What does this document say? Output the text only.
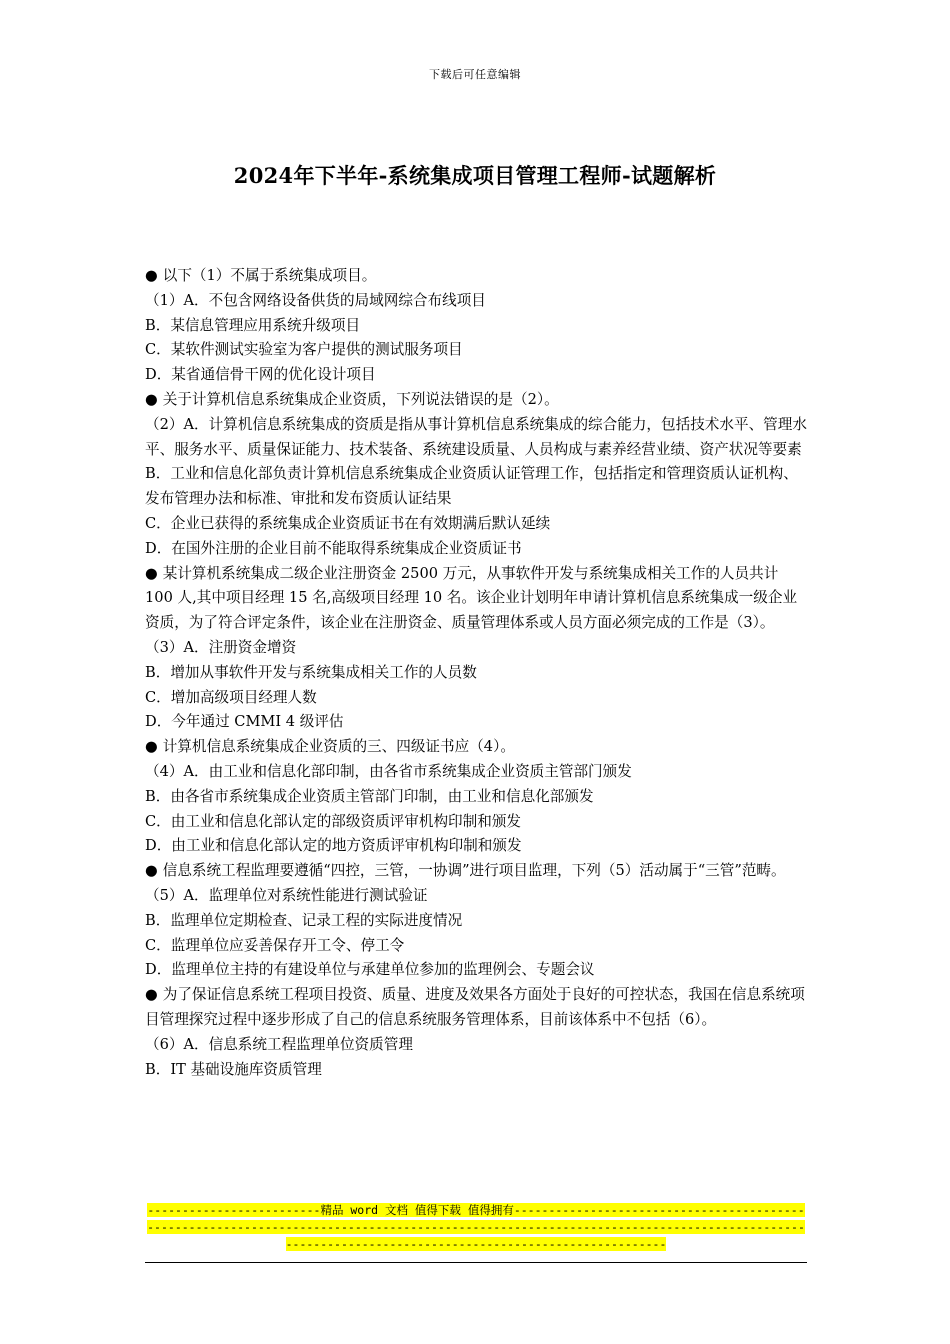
下载后可任意编辑
2024年下半年-系统集成项目管理工程师-试题解析

● 以下（1）不属于系统集成项目。

（1）A．不包含网络设备供货的局域网综合布线项目

B．某信息管理应用系统升级项目

C．某软件测试实验室为客户提供的测试服务项目

D．某省通信骨干网的优化设计项目

● 关于计算机信息系统集成企业资质，下列说法错误的是（2）。

（2）A．计算机信息系统集成的资质是指从事计算机信息系统集成的综合能力，包括技术水平、管理水平、服务水平、质量保证能力、技术装备、系统建设质量、人员构成与素养经营业绩、资产状况等要素

B．工业和信息化部负责计算机信息系统集成企业资质认证管理工作，包括指定和管理资质认证机构、发布管理办法和标准、审批和发布资质认证结果

C．企业已获得的系统集成企业资质证书在有效期满后默认延续

D．在国外注册的企业目前不能取得系统集成企业资质证书

● 某计算机系统集成二级企业注册资金 2500 万元，从事软件开发与系统集成相关工作的人员共计 100 人,其中项目经理 15 名,高级项目经理 10 名。该企业计划明年申请计算机信息系统集成一级企业资质，为了符合评定条件，该企业在注册资金、质量管理体系或人员方面必须完成的工作是（3）。

（3）A．注册资金增资

B．增加从事软件开发与系统集成相关工作的人员数

C．增加高级项目经理人数

D．今年通过 CMMI 4 级评估

● 计算机信息系统集成企业资质的三、四级证书应（4）。

（4）A．由工业和信息化部印制，由各省市系统集成企业资质主管部门颁发

B．由各省市系统集成企业资质主管部门印制，由工业和信息化部颁发

C．由工业和信息化部认定的部级资质评审机构印制和颁发

D．由工业和信息化部认定的地方资质评审机构印制和颁发

● 信息系统工程监理要遵循“四控，三管，一协调”进行项目监理，下列（5）活动属于“三管”范畴。

（5）A．监理单位对系统性能进行测试验证

B．监理单位定期检查、记录工程的实际进度情况

C．监理单位应妥善保存开工令、停工令

D．监理单位主持的有建设单位与承建单位参加的监理例会、专题会议

● 为了保证信息系统工程项目投资、质量、进度及效果各方面处于良好的可控状态，我国在信息系统项目管理探究过程中逐步形成了自己的信息系统服务管理体系，目前该体系中不包括（6）。

（6）A．信息系统工程监理单位资质管理

B．IT 基础设施库资质管理

-------------------------精品 word 文档 值得下载 值得拥有------------------------------------------------------------------------------------------------------------------------------------------------------------------------------------------------
